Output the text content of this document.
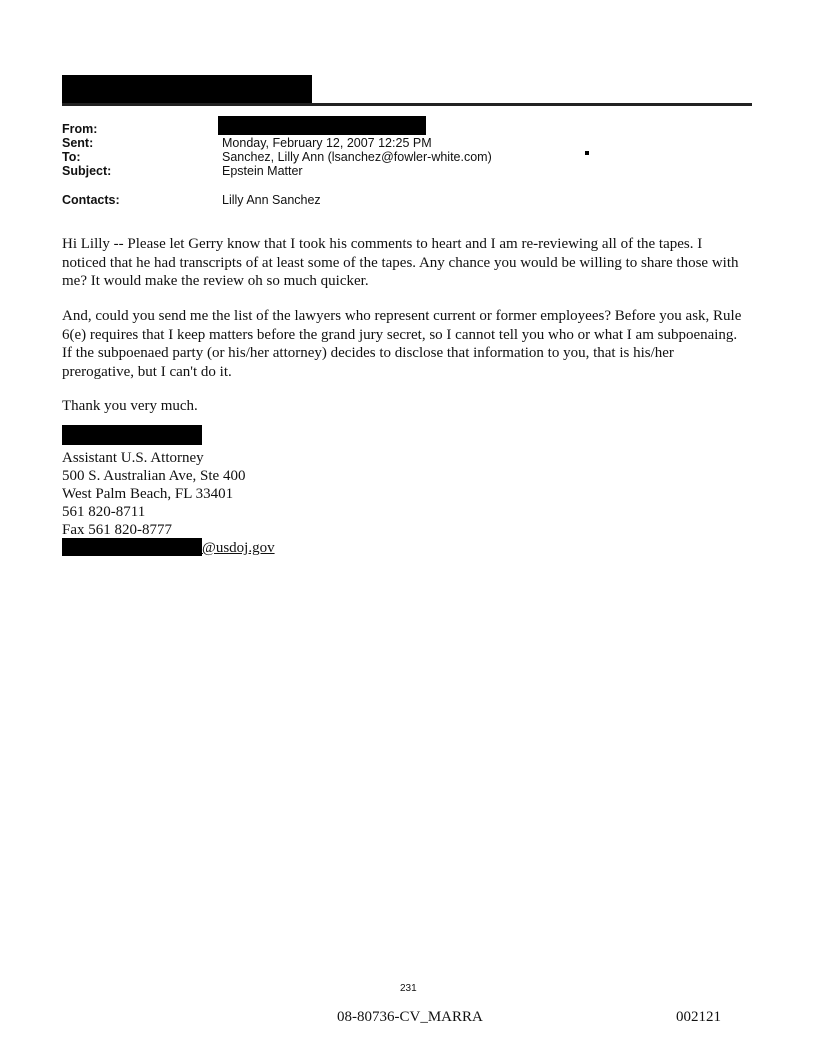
From:
Sent:	Monday, February 12, 2007 12:25 PM
To:	Sanchez, Lilly Ann (lsanchez@fowler-white.com)
Subject:	Epstein Matter
Contacts:	Lilly Ann Sanchez

Hi Lilly -- Please let Gerry know that I took his comments to heart and I am re-reviewing all of the tapes. I noticed that he had transcripts of at least some of the tapes. Any chance you would be willing to share those with me? It would make the review oh so much quicker.

And, could you send me the list of the lawyers who represent current or former employees? Before you ask, Rule 6(e) requires that I keep matters before the grand jury secret, so I cannot tell you who or what I am subpoenaing. If the subpoenaed party (or his/her attorney) decides to disclose that information to you, that is his/her prerogative, but I can't do it.

Thank you very much.

Assistant U.S. Attorney
500 S. Australian Ave, Ste 400
West Palm Beach, FL 33401
561 820-8711
Fax 561 820-8777
@usdoj.gov
231
08-80736-CV_MARRA	002121
